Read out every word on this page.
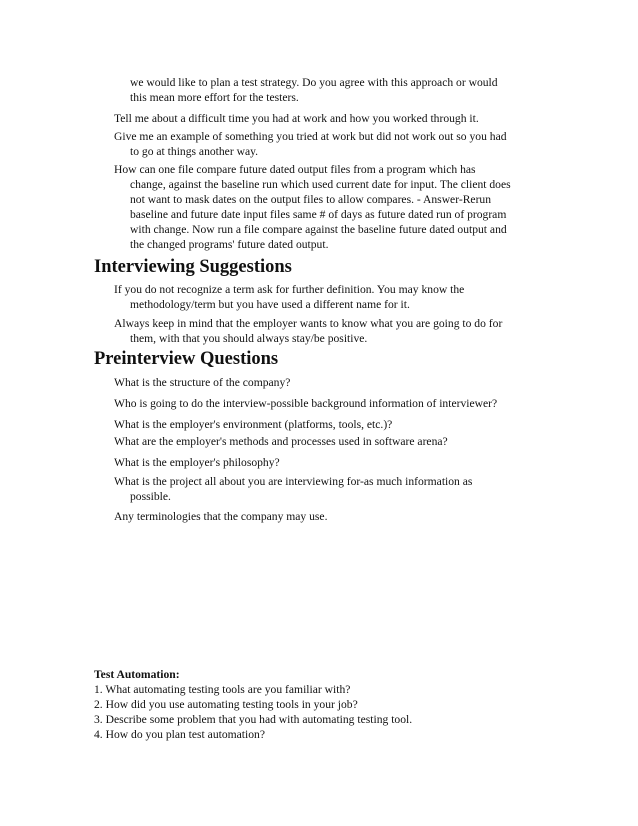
we would like to plan a test strategy. Do you agree with this approach or would
this mean more effort for the testers.

Tell me about a difficult time you had at work and how you worked through it.

Give me an example of something you tried at work but did not work out so you had
to go at things another way.

How can one file compare future dated output files from a program which has
change, against the baseline run which used current date for input. The client does
not want to mask dates on the output files to allow compares. - Answer-Rerun
baseline and future date input files same # of days as future dated run of program
with change. Now run a file compare against the baseline future dated output and
the changed programs' future dated output.

Interviewing Suggestions

If you do not recognize a term ask for further definition. You may know the
methodology/term but you have used a different name for it.

Always keep in mind that the employer wants to know what you are going to do for
them, with that you should always stay/be positive.

Preinterview Questions

What is the structure of the company?

Who is going to do the interview-possible background information of interviewer?

What is the employer's environment (platforms, tools, etc.)?

What are the employer's methods and processes used in software arena?

What is the employer's philosophy?

What is the project all about you are interviewing for-as much information as
possible.

Any terminologies that the company may use.

Test Automation:
1. What automating testing tools are you familiar with?
2. How did you use automating testing tools in your job?
3. Describe some problem that you had with automating testing tool.
4. How do you plan test automation?
